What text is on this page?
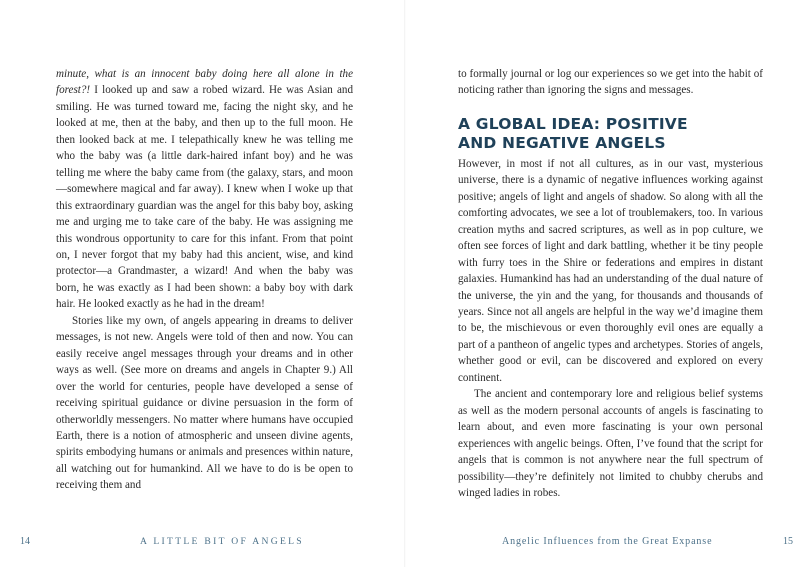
minute, what is an innocent baby doing here all alone in the forest?! I looked up and saw a robed wizard. He was Asian and smiling. He was turned toward me, facing the night sky, and he looked at me, then at the baby, and then up to the full moon. He then looked back at me. I telepathically knew he was telling me who the baby was (a little dark-haired infant boy) and he was telling me where the baby came from (the galaxy, stars, and moon—somewhere magical and far away). I knew when I woke up that this extraordinary guardian was the angel for this baby boy, asking me and urging me to take care of the baby. He was assigning me this wondrous opportunity to care for this infant. From that point on, I never forgot that my baby had this ancient, wise, and kind protector—a Grandmaster, a wizard! And when the baby was born, he was exactly as I had been shown: a baby boy with dark hair. He looked exactly as he had in the dream!

Stories like my own, of angels appearing in dreams to deliver messages, is not new. Angels were told of then and now. You can easily receive angel messages through your dreams and in other ways as well. (See more on dreams and angels in Chapter 9.) All over the world for centuries, people have developed a sense of receiving spiritual guidance or divine persuasion in the form of otherworldly messengers. No matter where humans have occupied Earth, there is a notion of atmospheric and unseen divine agents, spirits embodying humans or animals and presences within nature, all watching out for humankind. All we have to do is be open to receiving them and

14	A LITTLE BIT OF ANGELS

to formally journal or log our experiences so we get into the habit of noticing rather than ignoring the signs and messages.

A GLOBAL IDEA: POSITIVE
AND NEGATIVE ANGELS

However, in most if not all cultures, as in our vast, mysterious universe, there is a dynamic of negative influences working against positive; angels of light and angels of shadow. So along with all the comforting advocates, we see a lot of troublemakers, too. In various creation myths and sacred scriptures, as well as in pop culture, we often see forces of light and dark battling, whether it be tiny people with furry toes in the Shire or federations and empires in distant galaxies. Humankind has had an understanding of the dual nature of the universe, the yin and the yang, for thousands and thousands of years. Since not all angels are helpful in the way we’d imagine them to be, the mischievous or even thoroughly evil ones are equally a part of a pantheon of angelic types and archetypes. Stories of angels, whether good or evil, can be discovered and explored on every continent.

The ancient and contemporary lore and religious belief systems as well as the modern personal accounts of angels is fascinating to learn about, and even more fascinating is your own personal experiences with angelic beings. Often, I’ve found that the script for angels that is common is not anywhere near the full spectrum of possibility—they’re definitely not limited to chubby cherubs and winged ladies in robes.

Angelic Influences from the Great Expanse	15
